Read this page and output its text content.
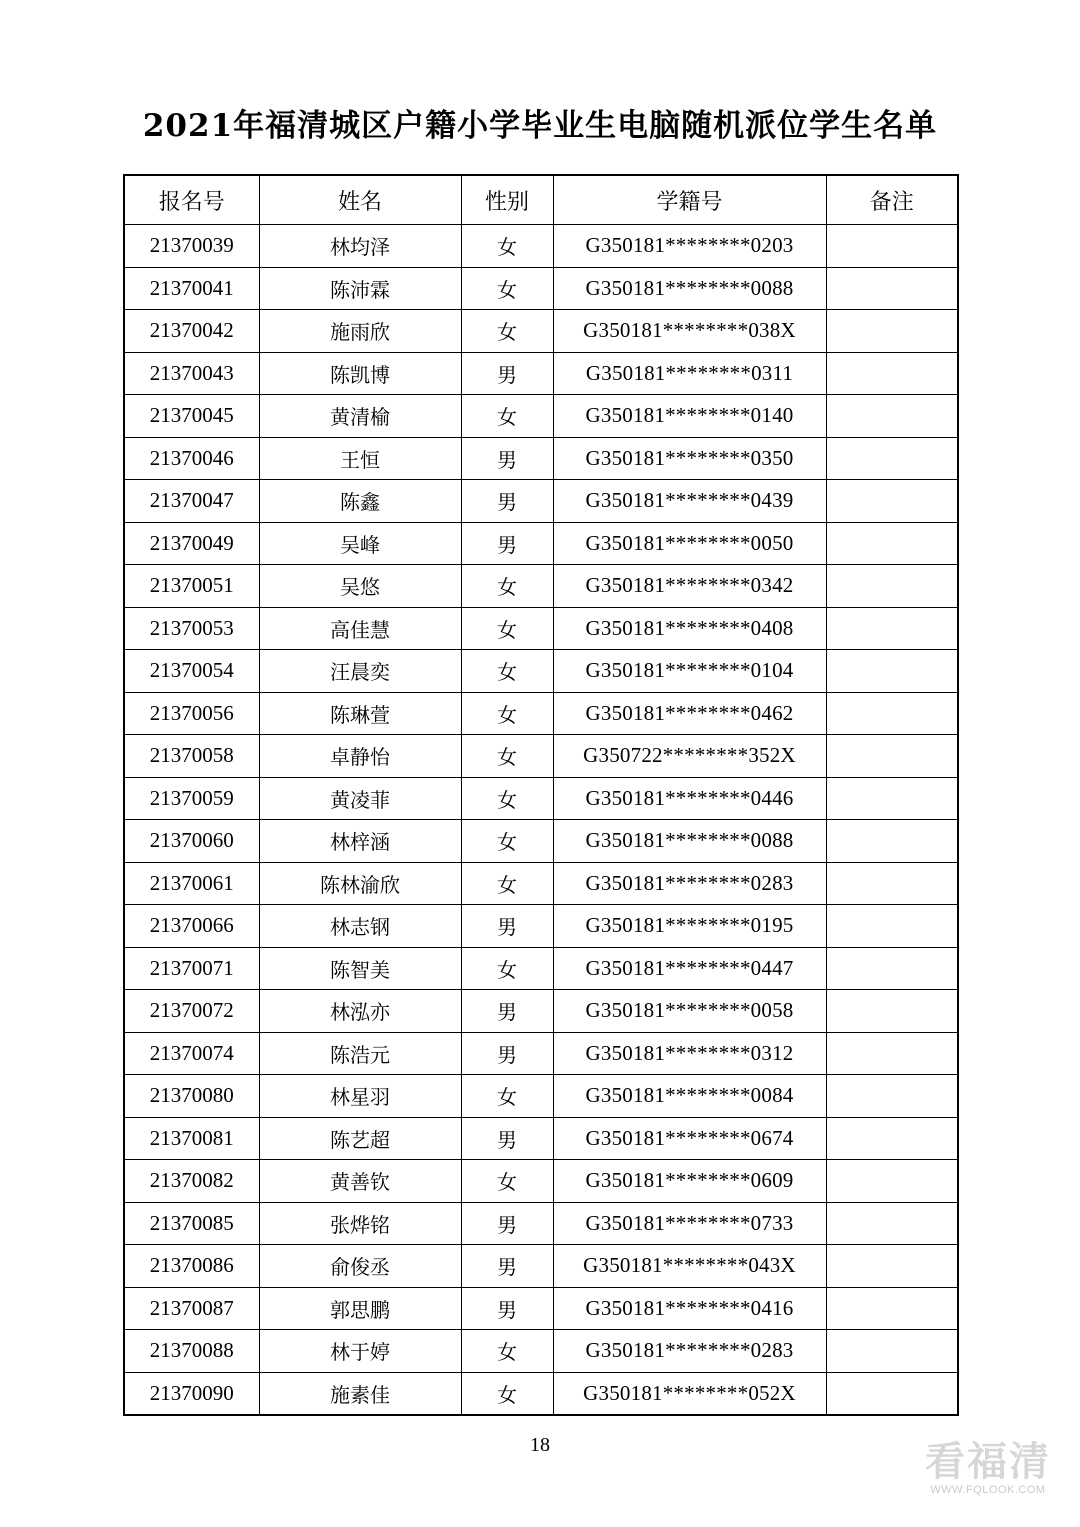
2021年福清城区户籍小学毕业生电脑随机派位学生名单
报名号	姓名	性别	学籍号	备注
21370039	林均泽	女	G350181********0203	
21370041	陈沛霖	女	G350181********0088	
21370042	施雨欣	女	G350181********038X	
21370043	陈凯博	男	G350181********0311	
21370045	黄清榆	女	G350181********0140	
21370046	王恒	男	G350181********0350	
21370047	陈鑫	男	G350181********0439	
21370049	吴峰	男	G350181********0050	
21370051	吴悠	女	G350181********0342	
21370053	高佳慧	女	G350181********0408	
21370054	汪晨奕	女	G350181********0104	
21370056	陈琳萱	女	G350181********0462	
21370058	卓静怡	女	G350722********352X	
21370059	黄凌菲	女	G350181********0446	
21370060	林梓涵	女	G350181********0088	
21370061	陈林渝欣	女	G350181********0283	
21370066	林志钢	男	G350181********0195	
21370071	陈智美	女	G350181********0447	
21370072	林泓亦	男	G350181********0058	
21370074	陈浩元	男	G350181********0312	
21370080	林星羽	女	G350181********0084	
21370081	陈艺超	男	G350181********0674	
21370082	黄善钦	女	G350181********0609	
21370085	张烨铭	男	G350181********0733	
21370086	俞俊丞	男	G350181********043X	
21370087	郭思鹏	男	G350181********0416	
21370088	林于婷	女	G350181********0283	
21370090	施素佳	女	G350181********052X	
18	看福清
WWW.FQLOOK.COM
